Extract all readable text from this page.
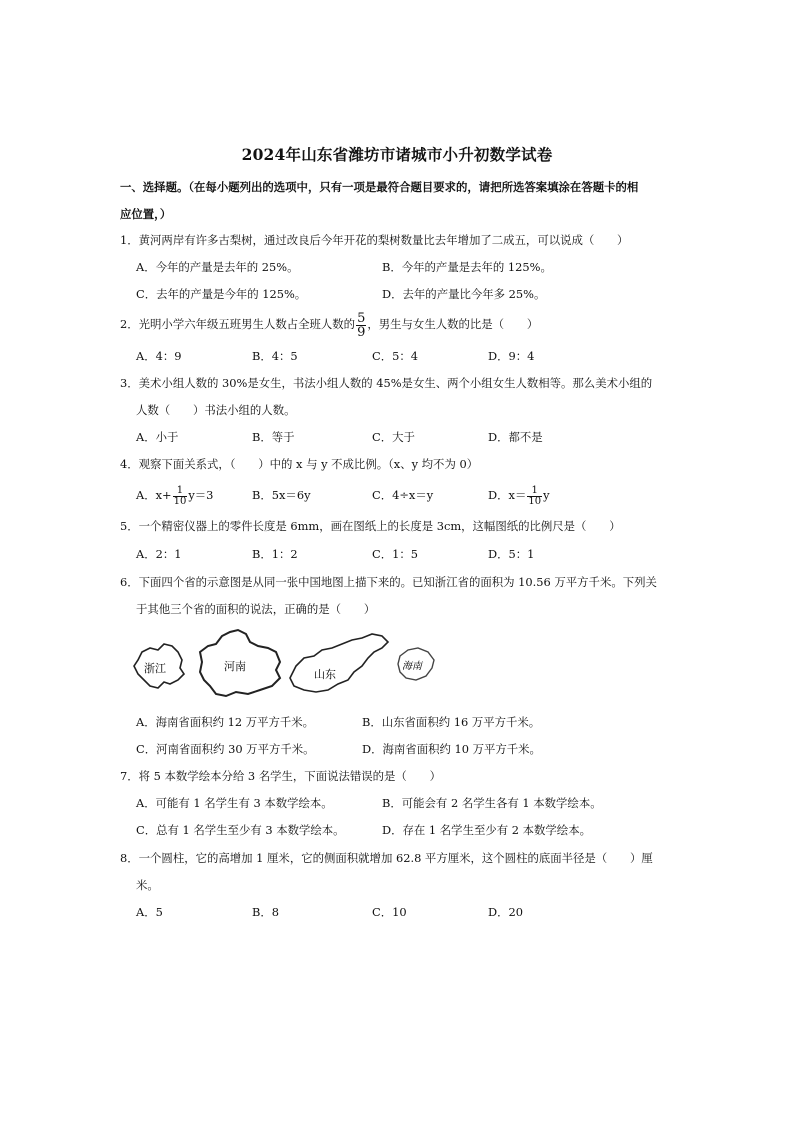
2024年山东省潍坊市诸城市小升初数学试卷
一、选择题。（在每小题列出的选项中，只有一项是最符合题目要求的，请把所选答案填涂在答题卡的相
应位置，）
1．黄河两岸有许多古梨树，通过改良后今年开花的梨树数量比去年增加了二成五，可以说成（　　）
A．今年的产量是去年的 25%。	B．今年的产量是去年的 125%。
C．去年的产量是今年的 125%。	D．去年的产量比今年多 25%。
2．光明小学六年级五班男生人数占全班人数的 $\frac{5}{9}$ ，男生与女生人数的比是（　　）
A．4：9	B．4：5	C．5：4	D．9：4
3．美术小组人数的 30%是女生，书法小组人数的 45%是女生、两个小组女生人数相等。那么美术小组的
人数（　　）书法小组的人数。
A．小于	B．等于	C．大于	D．都不是
4．观察下面关系式，（　　）中的 x 与 y 不成比例。（x、y 均不为 0）
A．$x+ \frac{1}{10} y=3$	B．5x＝6y	C．4÷x＝y	D．$x= \frac{1}{10}$ y
5．一个精密仪器上的零件长度是 6mm，画在图纸上的长度是 3cm，这幅图纸的比例尺是（　　）
A．2：1	B．1：2	C．1：5	D．5：1
6．下面四个省的示意图是从同一张中国地图上描下来的。已知浙江省的面积为 10.56 万平方千米。下列关
于其他三个省的面积的说法，正确的是（　　）
浙江	河南
山东
海南
A．海南省面积约 12 万平方千米。	B．山东省面积约 16 万平方千米。
C．河南省面积约 30 万平方千米。	D．海南省面积约 10 万平方千米。
7．将 5 本数学绘本分给 3 名学生，下面说法错误的是（　　）
A．可能有 1 名学生有 3 本数学绘本。	B．可能会有 2 名学生各有 1 本数学绘本。
C．总有 1 名学生至少有 3 本数学绘本。	D．存在 1 名学生至少有 2 本数学绘本。
8．一个圆柱，它的高增加 1 厘米，它的侧面积就增加 62.8 平方厘米，这个圆柱的底面半径是（　　）厘
米。
A．5	B．8	C．10	D．20
